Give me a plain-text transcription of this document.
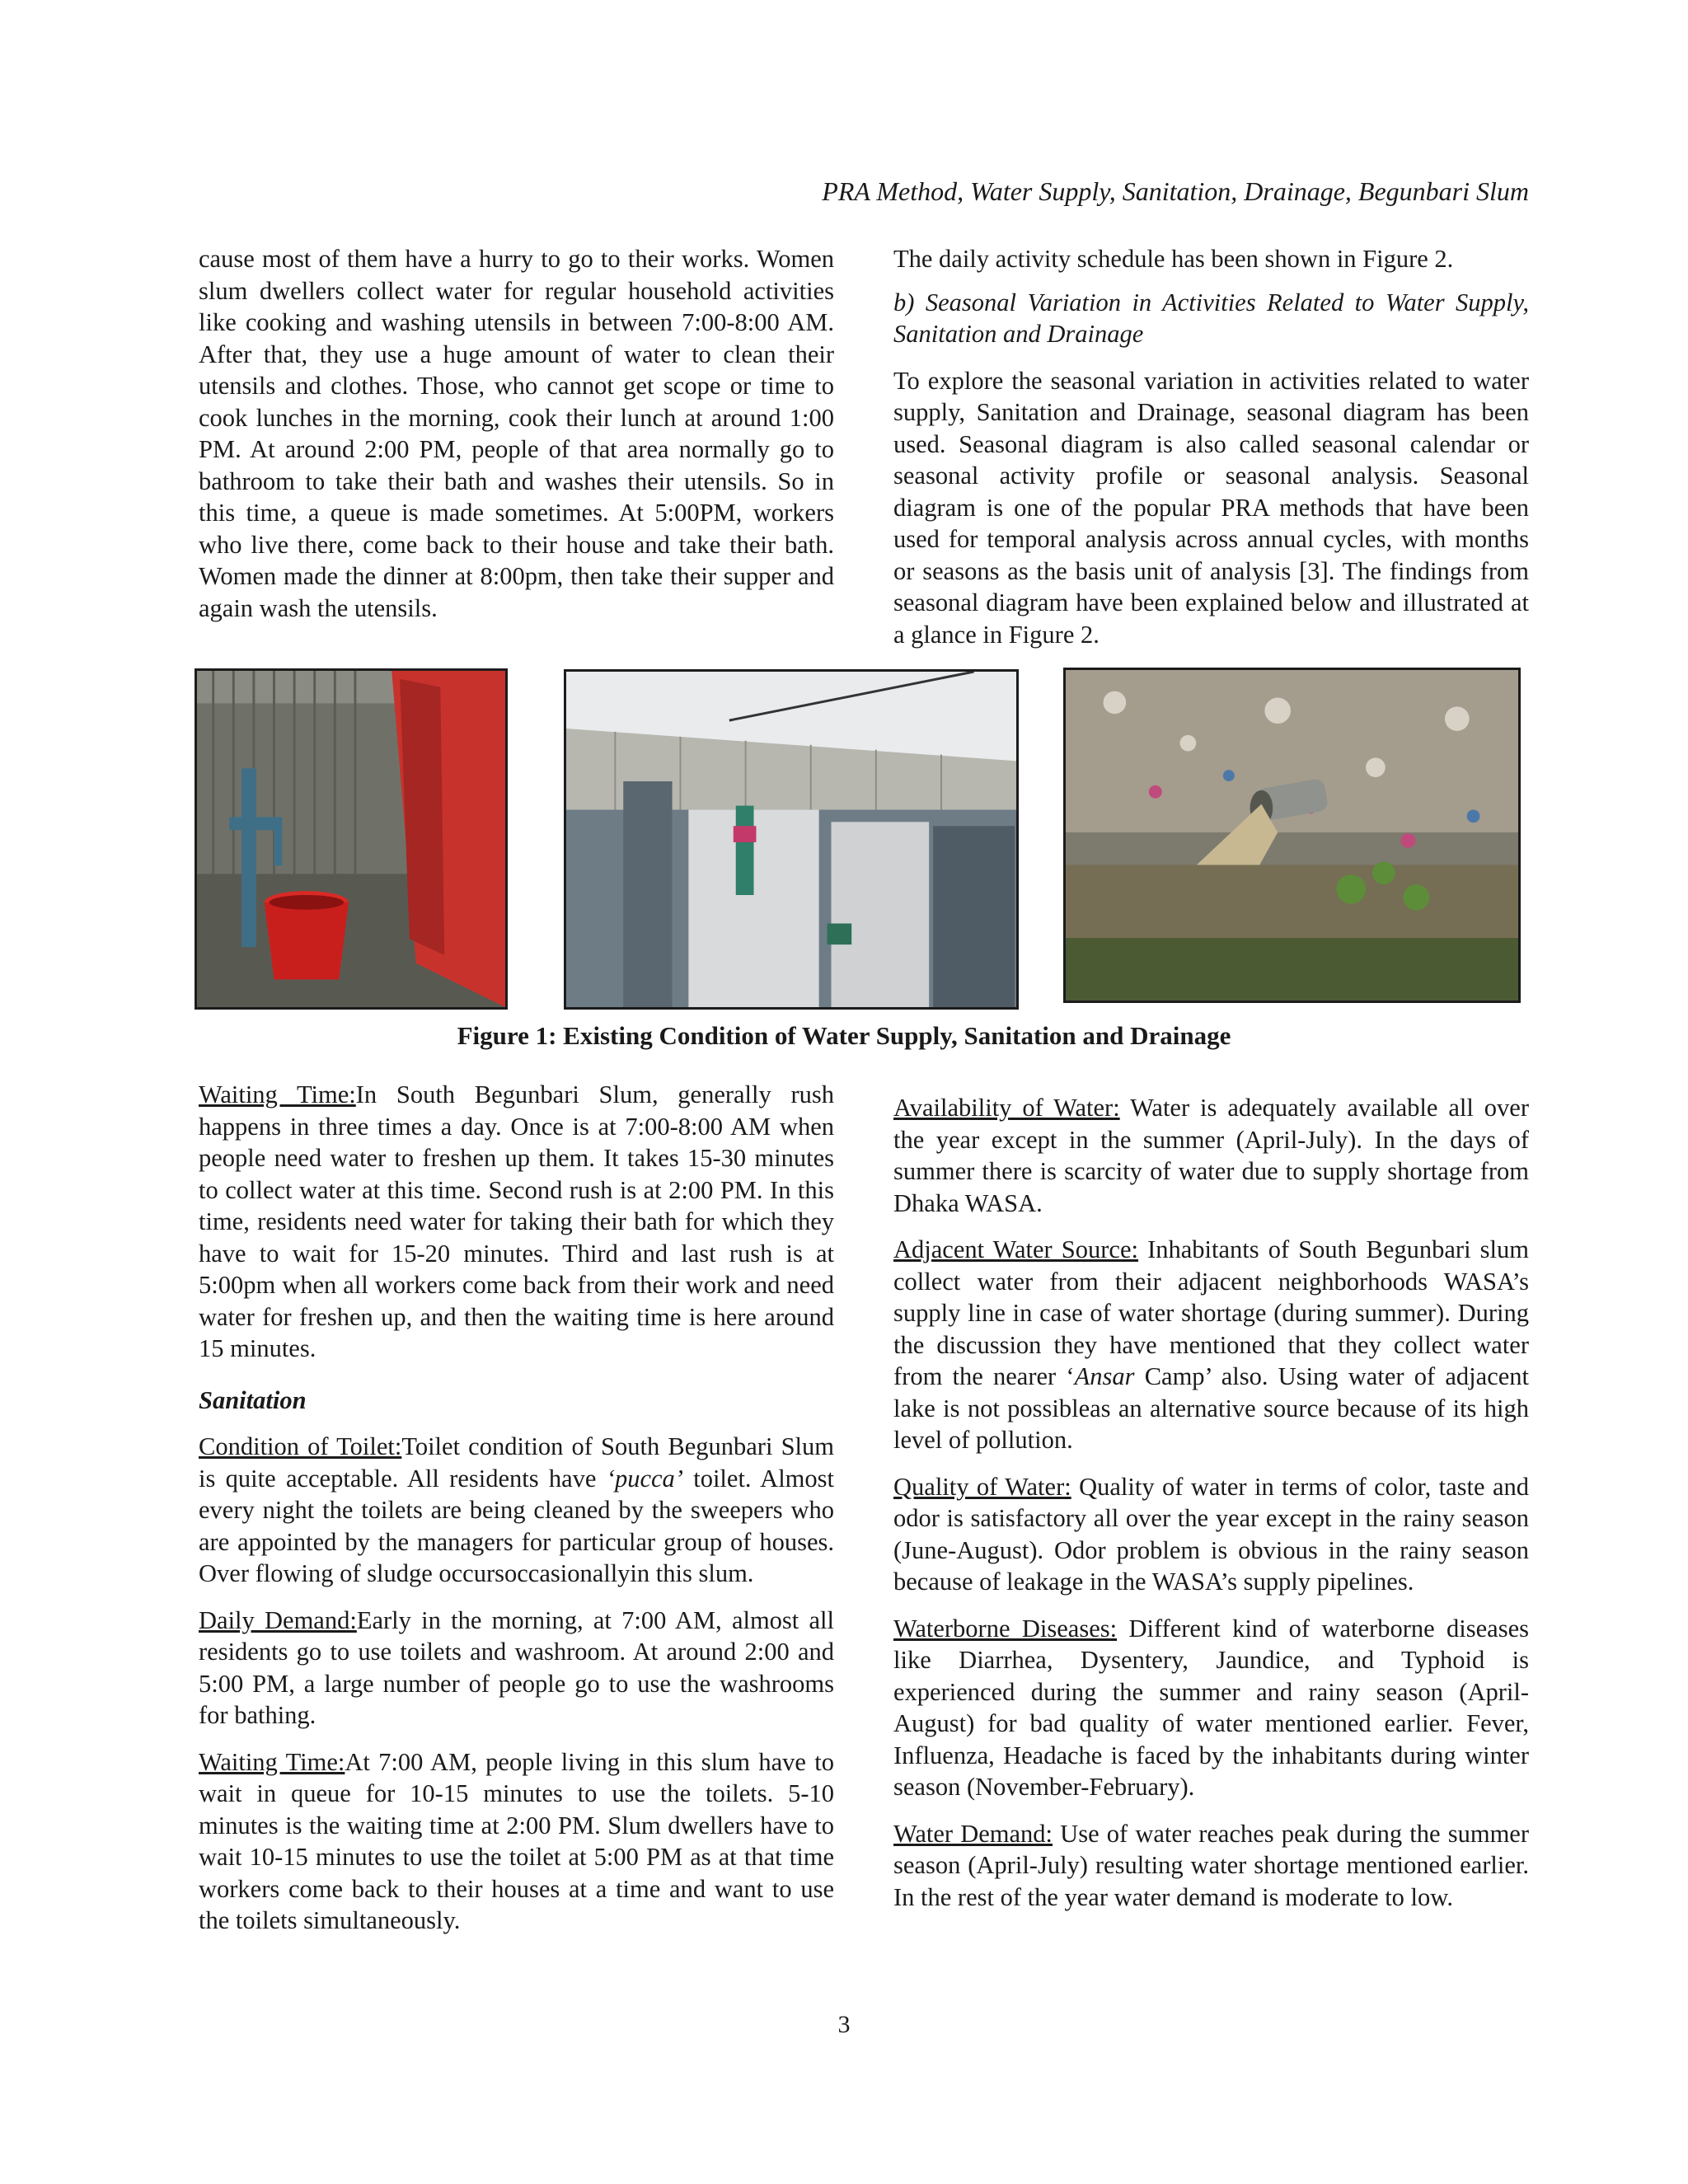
PRA Method, Water Supply, Sanitation, Drainage, Begunbari Slum

cause most of them have a hurry to go to their works. Women slum dwellers collect water for regular household activities like cooking and washing utensils in between 7:00-8:00 AM. After that, they use a huge amount of water to clean their utensils and clothes. Those, who cannot get scope or time to cook lunches in the morning, cook their lunch at around 1:00 PM. At around 2:00 PM, people of that area normally go to bathroom to take their bath and washes their utensils. So in this time, a queue is made sometimes. At 5:00PM, workers who live there, come back to their house and take their bath. Women made the dinner at 8:00pm, then take their supper and again wash the utensils.

The daily activity schedule has been shown in Figure 2.

b) Seasonal Variation in Activities Related to Water Supply, Sanitation and Drainage

To explore the seasonal variation in activities related to water supply, Sanitation and Drainage, seasonal diagram has been used. Seasonal diagram is also called seasonal calendar or seasonal activity profile or seasonal analysis. Seasonal diagram is one of the popular PRA methods that have been used for temporal analysis across annual cycles, with months or seasons as the basis unit of analysis [3]. The findings from seasonal diagram have been explained below and illustrated at a glance in Figure 2.

Figure 1: Existing Condition of Water Supply, Sanitation and Drainage

Waiting Time:In South Begunbari Slum, generally rush happens in three times a day. Once is at 7:00-8:00 AM when people need water to freshen up them. It takes 15-30 minutes to collect water at this time. Second rush is at 2:00 PM. In this time, residents need water for taking their bath for which they have to wait for 15-20 minutes. Third and last rush is at 5:00pm when all workers come back from their work and need water for freshen up, and then the waiting time is here around 15 minutes.

Sanitation

Condition of Toilet:Toilet condition of South Begunbari Slum is quite acceptable. All residents have ‘pucca’ toilet. Almost every night the toilets are being cleaned by the sweepers who are appointed by the managers for particular group of houses. Over flowing of sludge occursoccasionallyin this slum.

Daily Demand:Early in the morning, at 7:00 AM, almost all residents go to use toilets and washroom. At around 2:00 and 5:00 PM, a large number of people go to use the washrooms for bathing.

Waiting Time:At 7:00 AM, people living in this slum have to wait in queue for 10-15 minutes to use the toilets. 5-10 minutes is the waiting time at 2:00 PM. Slum dwellers have to wait 10-15 minutes to use the toilet at 5:00 PM as at that time workers come back to their houses at a time and want to use the toilets simultaneously.

Availability of Water: Water is adequately available all over the year except in the summer (April-July). In the days of summer there is scarcity of water due to supply shortage from Dhaka WASA.

Adjacent Water Source: Inhabitants of South Begunbari slum collect water from their adjacent neighborhoods WASA’s supply line in case of water shortage (during summer). During the discussion they have mentioned that they collect water from the nearer ‘Ansar Camp’ also. Using water of adjacent lake is not possibleas an alternative source because of its high level of pollution.

Quality of Water: Quality of water in terms of color, taste and odor is satisfactory all over the year except in the rainy season (June-August). Odor problem is obvious in the rainy season because of leakage in the WASA’s supply pipelines.

Waterborne Diseases: Different kind of waterborne diseases like Diarrhea, Dysentery, Jaundice, and Typhoid is experienced during the summer and rainy season (April-August) for bad quality of water mentioned earlier. Fever, Influenza, Headache is faced by the inhabitants during winter season (November-February).

Water Demand: Use of water reaches peak during the summer season (April-July) resulting water shortage mentioned earlier. In the rest of the year water demand is moderate to low.

3
